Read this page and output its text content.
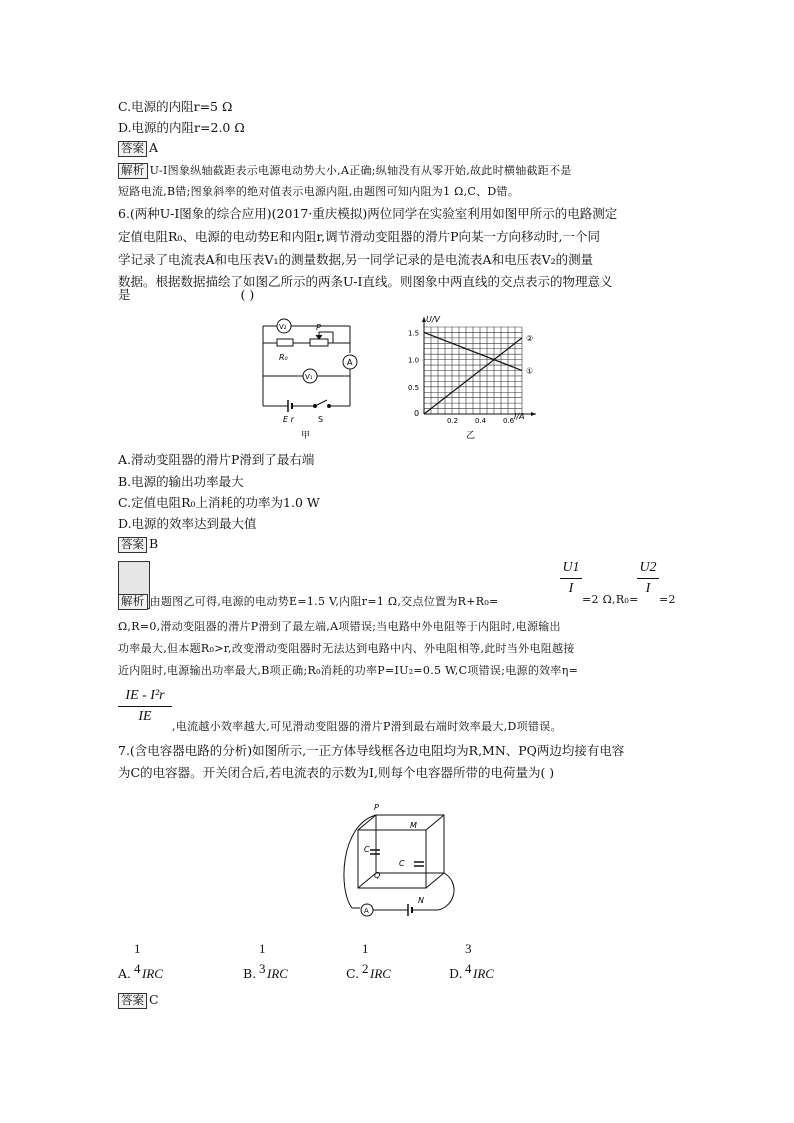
C.电源的内阻r=5 Ω
D.电源的内阻r=2.0 Ω
答案 A
解析 U-I图象纵轴截距表示电源电动势大小,A正确;纵轴没有从零开始,故此时横轴截距不是
短路电流,B错;图象斜率的绝对值表示电源内阻,由题图可知内阻为1 Ω,C、D错。
6.(两种U-I图象的综合应用)(2017·重庆模拟)两位同学在实验室利用如图甲所示的电路测定
定值电阻R₀、电源的电动势E和内阻r,调节滑动变阻器的滑片P向某一方向移动时,一个同
学记录了电流表A和电压表V₁的测量数据,另一同学记录的是电流表A和电压表V₂的测量
数据。根据数据描绘了如图乙所示的两条U-I直线。则图象中两直线的交点表示的物理意义
是	( )
V₂
R₀
P
A
V₁
E r	S
甲
①
②
0.2 0.4 0.6
0.5
1.0
1.5
U/V
I/A
0
乙
A.滑动变阻器的滑片P滑到了最右端
B.电源的输出功率最大
C.定值电阻R₀上消耗的功率为1.0 W
D.电源的效率达到最大值
答案 B
解析 由题图乙可得,电源的电动势E=1.5 V,内阻r=1 Ω,交点位置为R+R₀=
U1
I
=2 Ω,R₀=
U2
I
=2
Ω,R=0,滑动变阻器的滑片P滑到了最左端,A项错误;当电路中外电阻等于内阻时,电源输出
功率最大,但本题R₀>r,改变滑动变阻器时无法达到电路中内、外电阻相等,此时当外电阻越接
近内阻时,电源输出功率最大,B项正确;R₀消耗的功率P=IU₂=0.5 W,C项错误;电源的效率η=
IE - I²r
IE
,电流越小效率越大,可见滑动变阻器的滑片P滑到最右端时效率最大,D项错误。
7.(含电容器电路的分析)如图所示,一正方体导线框各边电阻均为R,MN、PQ两边均接有电容
为C的电容器。开关闭合后,若电流表的示数为I,则每个电容器所带的电荷量为( )
P
M
C
C
Q
N
A
A.
1
4 IRC	B.
1
3 IRC	C.
1
2 IRC	D.
3
4 IRC
答案 C
